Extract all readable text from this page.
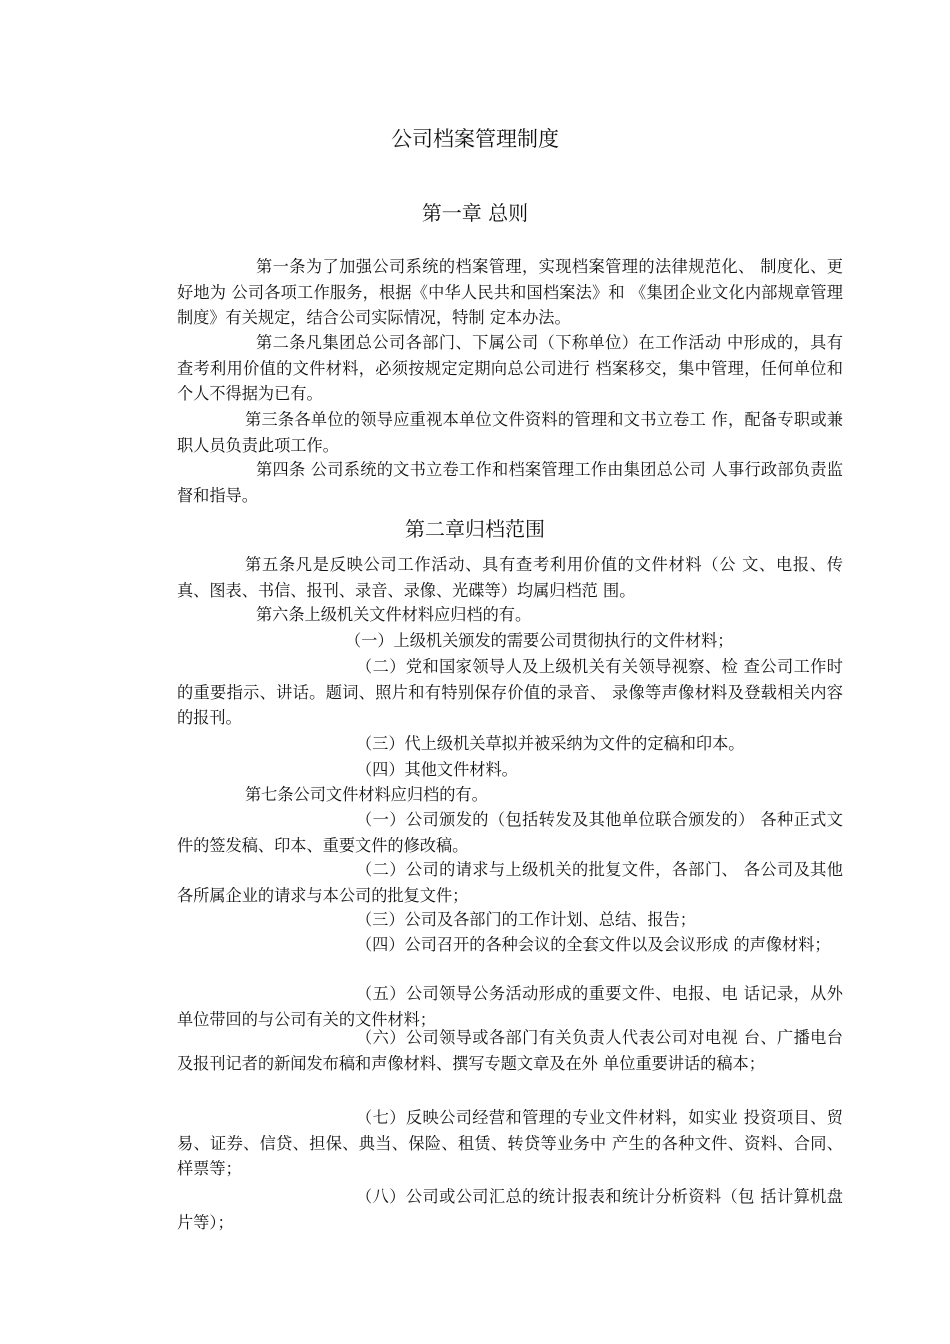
公司档案管理制度
第一章 总则

第一条为了加强公司系统的档案管理，实现档案管理的法律规范化、 制度化、更好地为 公司各项工作服务，根据《中华人民共和国档案法》和 《集团企业文化内部规章管理制度》有关规定，结合公司实际情况，特制 定本办法。

第二条凡集团总公司各部门、下属公司（下称单位）在工作活动 中形成的，具有查考利用价值的文件材料，必须按规定定期向总公司进行 档案移交，集中管理，任何单位和个人不得据为已有。

第三条各单位的领导应重视本单位文件资料的管理和文书立卷工 作，配备专职或兼职人员负责此项工作。

第四条 公司系统的文书立卷工作和档案管理工作由集团总公司 人事行政部负责监督和指导。

第二章归档范围

第五条凡是反映公司工作活动、具有查考利用价值的文件材料（公 文、电报、传真、图表、书信、报刊、录音、录像、光碟等）均属归档范 围。

第六条上级机关文件材料应归档的有。

（一）上级机关颁发的需要公司贯彻执行的文件材料；

（二）党和国家领导人及上级机关有关领导视察、检 查公司工作时的重要指示、讲话。题词、照片和有特别保存价值的录音、 录像等声像材料及登载相关内容的报刊。

（三）代上级机关草拟并被采纳为文件的定稿和印本。

（四）其他文件材料。

第七条公司文件材料应归档的有。

（一）公司颁发的（包括转发及其他单位联合颁发的） 各种正式文件的签发稿、印本、重要文件的修改稿。

（二）公司的请求与上级机关的批复文件，各部门、 各公司及其他各所属企业的请求与本公司的批复文件；

（三）公司及各部门的工作计划、总结、报告；

（四）公司召开的各种会议的全套文件以及会议形成 的声像材料；

（五）公司领导公务活动形成的重要文件、电报、电 话记录，从外单位带回的与公司有关的文件材料；

（六）公司领导或各部门有关负责人代表公司对电视 台、广播电台及报刊记者的新闻发布稿和声像材料、撰写专题文章及在外 单位重要讲话的稿本；

（七）反映公司经营和管理的专业文件材料，如实业 投资项目、贸易、证券、信贷、担保、典当、保险、租赁、转贷等业务中 产生的各种文件、资料、合同、样票等；

（八）公司或公司汇总的统计报表和统计分析资料（包 括计算机盘片等）；
